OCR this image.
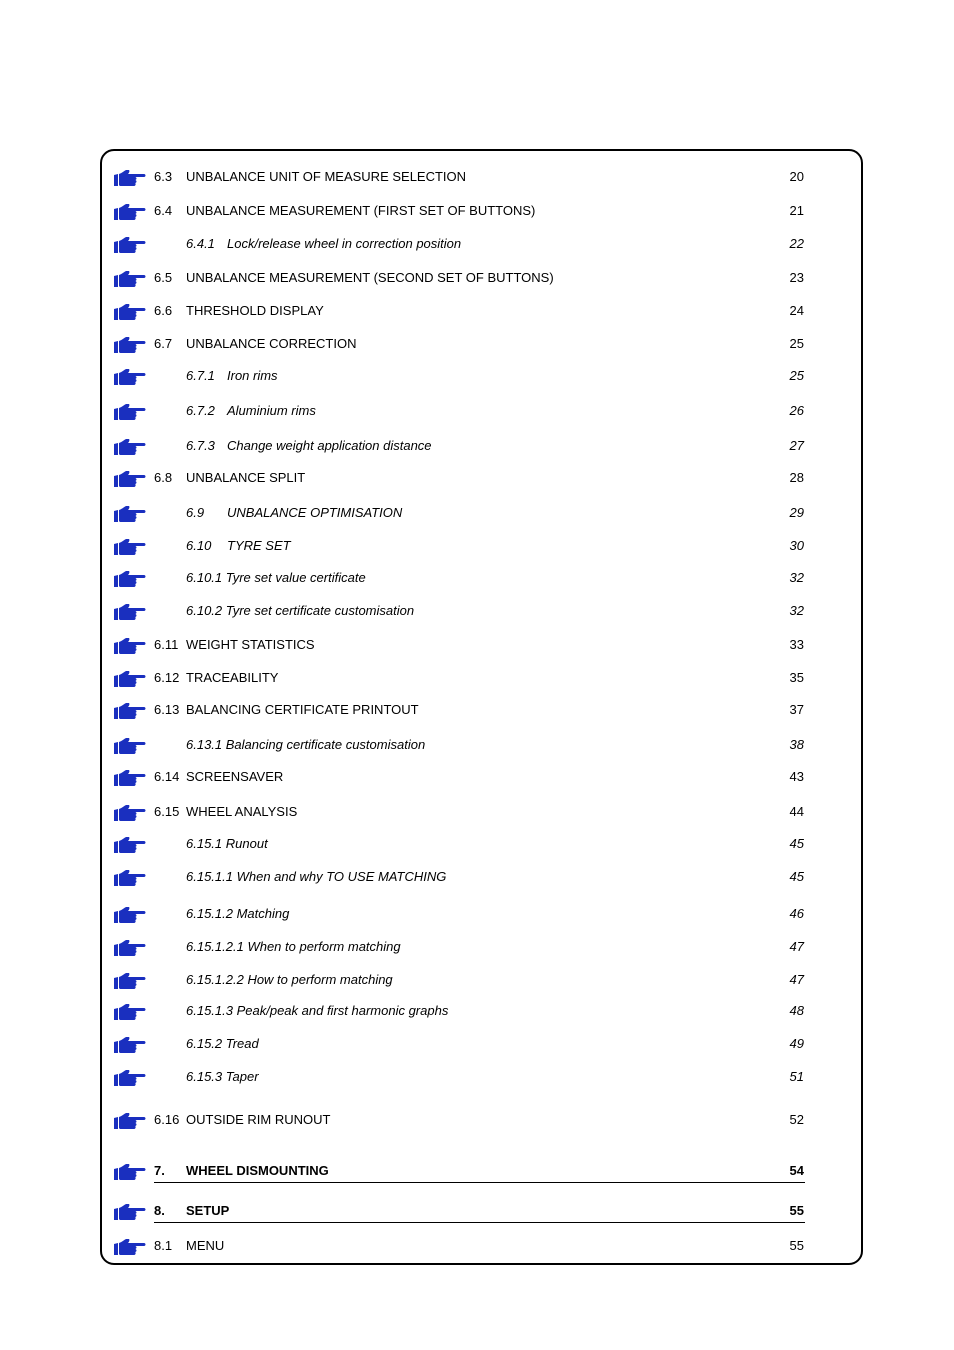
6.3 UNBALANCE UNIT OF MEASURE SELECTION	20
6.4 UNBALANCE MEASUREMENT (FIRST SET OF BUTTONS)	21
6.4.1 Lock/release wheel in correction position	22
6.5 UNBALANCE MEASUREMENT (SECOND SET OF BUTTONS)	23
6.6 THRESHOLD DISPLAY	24
6.7 UNBALANCE CORRECTION	25
6.7.1 Iron rims	25
6.7.2 Aluminium rims	26
6.7.3 Change weight application distance	27
6.8 UNBALANCE SPLIT	28
6.9 UNBALANCE OPTIMISATION	29
6.10 TYRE SET	30
6.10.1 Tyre set value certificate	32
6.10.2 Tyre set certificate customisation	32
6.11 WEIGHT STATISTICS	33
6.12 TRACEABILITY	35
6.13 BALANCING CERTIFICATE PRINTOUT	37
6.13.1 Balancing certificate customisation	38
6.14 SCREENSAVER	43
6.15 WHEEL ANALYSIS	44
6.15.1 Runout	45
6.15.1.1 When and why TO USE MATCHING	45
6.15.1.2 Matching	46
6.15.1.2.1 When to perform matching	47
6.15.1.2.2 How to perform matching	47
6.15.1.3 Peak/peak and first harmonic graphs	48
6.15.2 Tread	49
6.15.3 Taper	51
6.16 OUTSIDE RIM RUNOUT	52
7. WHEEL DISMOUNTING	54
8. SETUP	55
8.1 MENU	55
